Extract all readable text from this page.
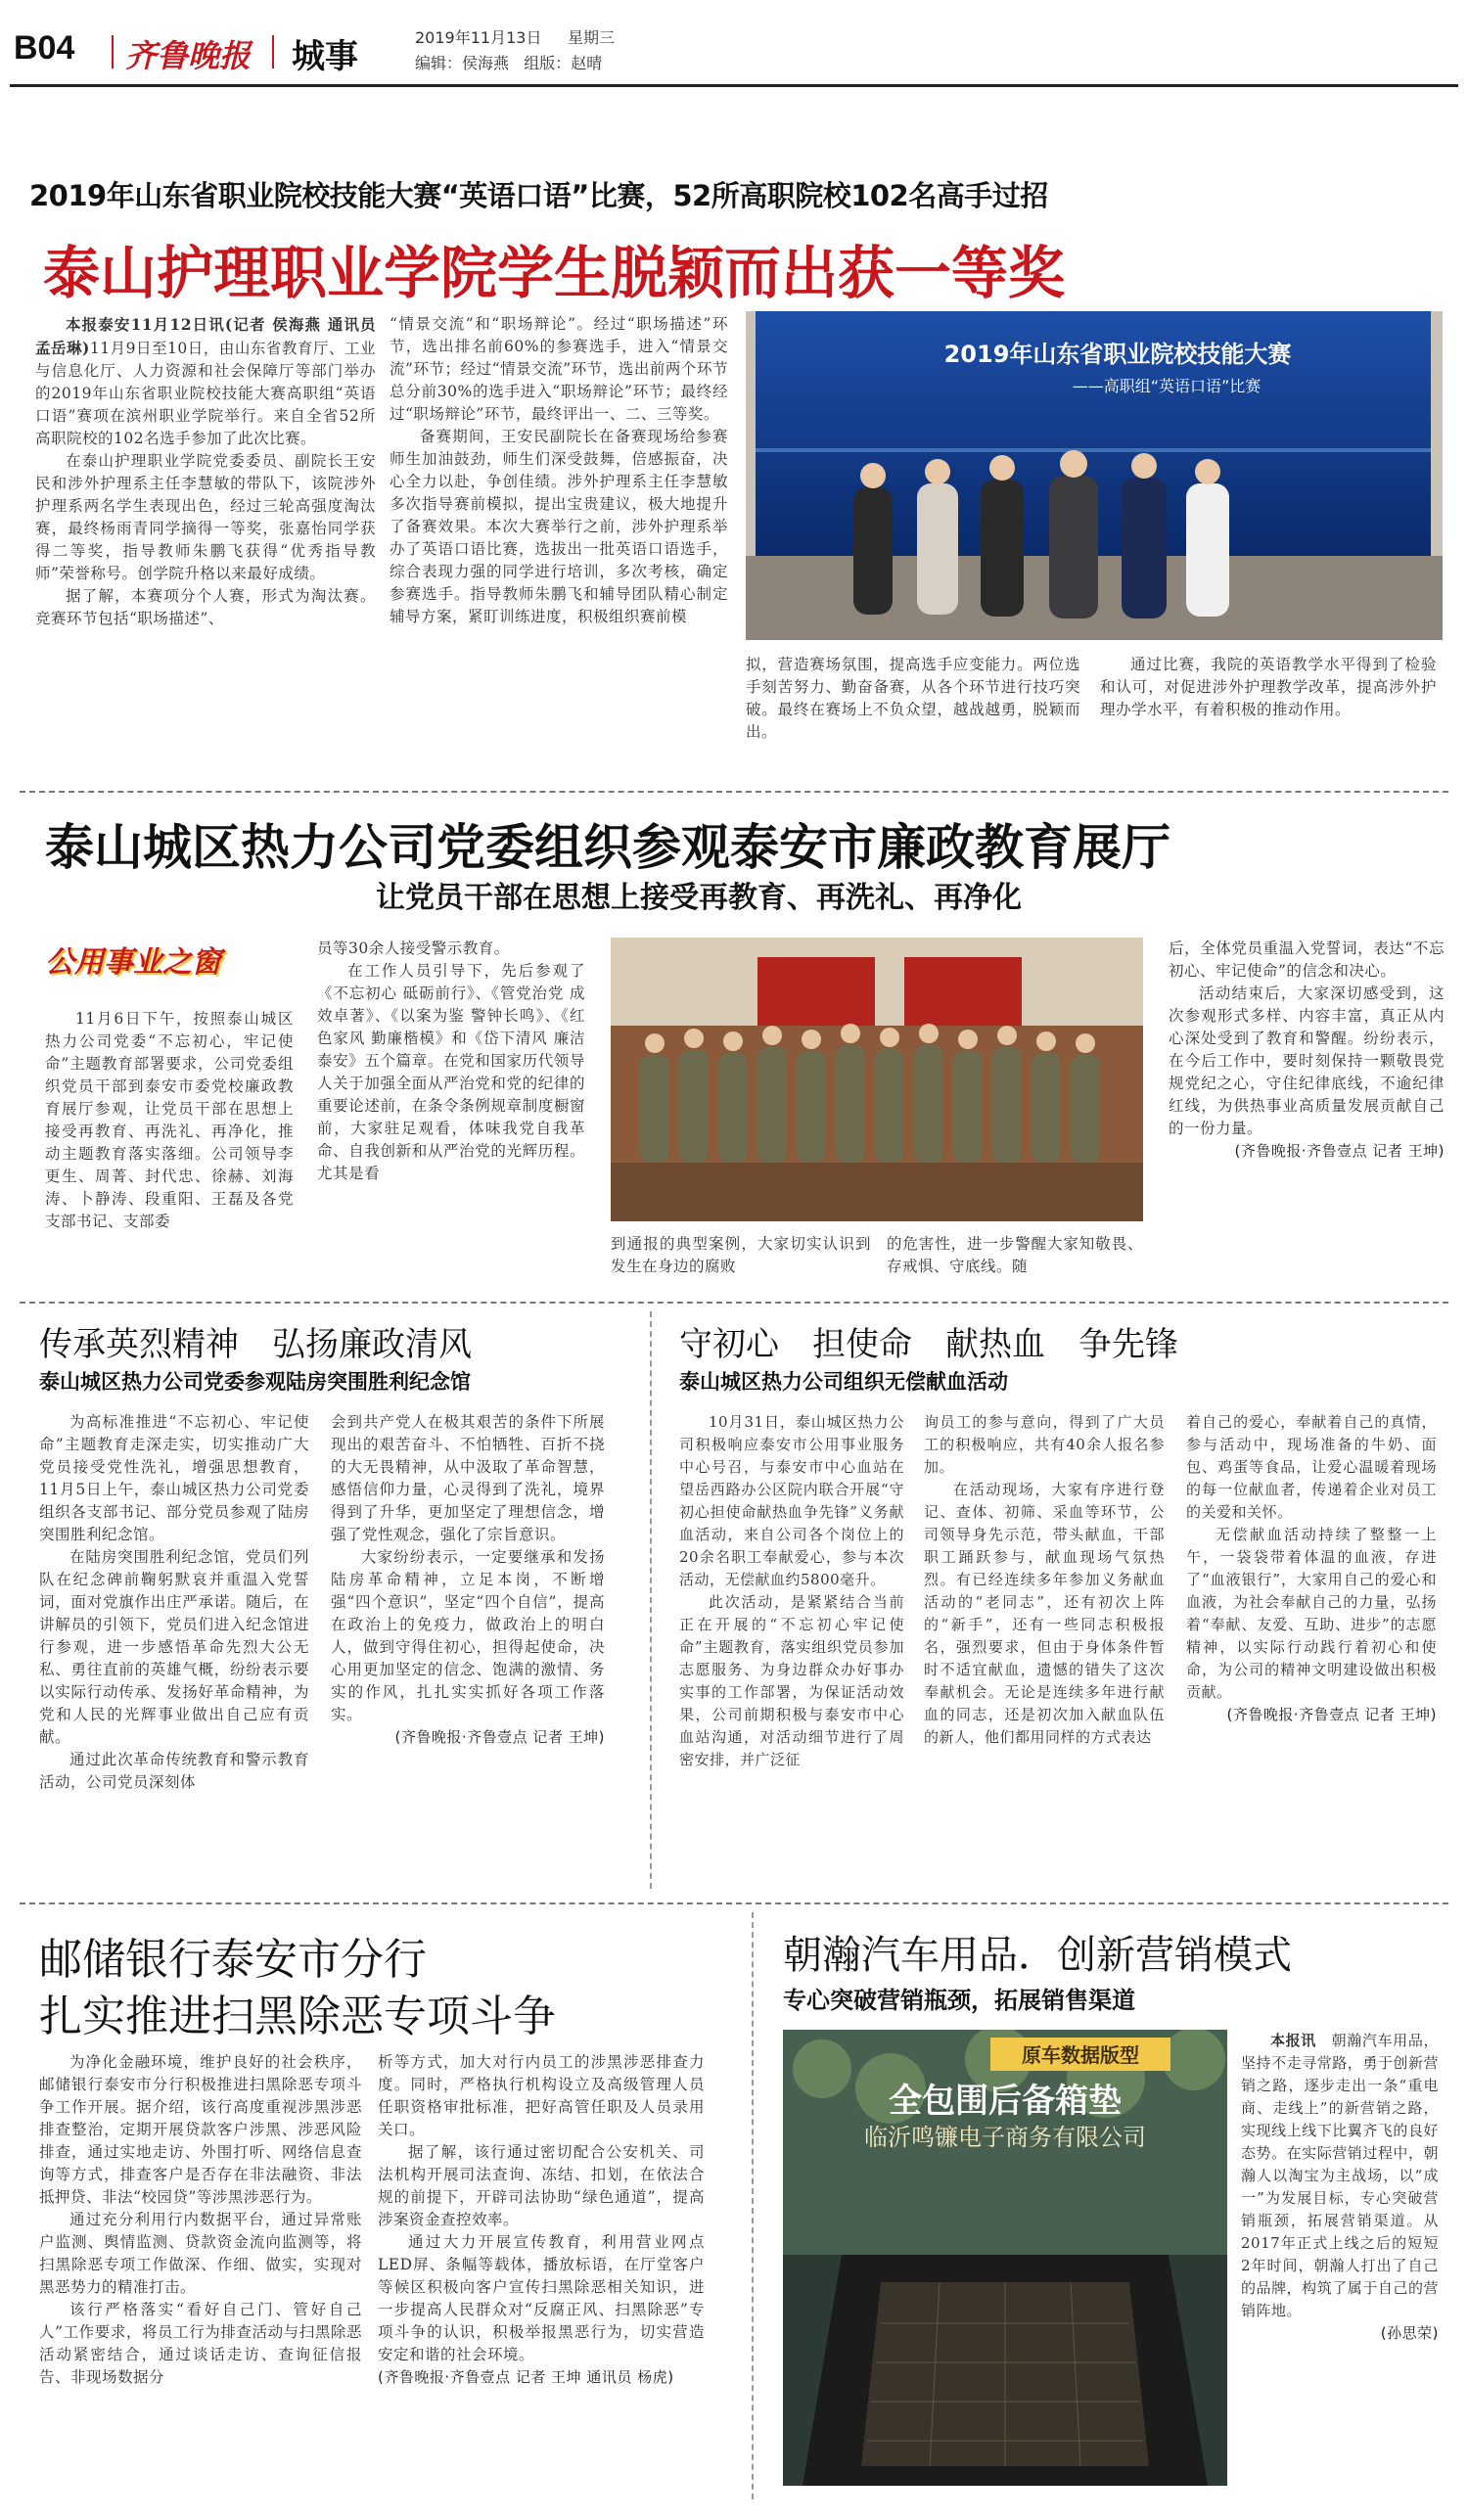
B04 齐鲁晚报 城事	2019年11月13日 星期三
编辑：侯海燕   组版：赵晴
2019年山东省职业院校技能大赛“英语口语”比赛，52所高职院校102名高手过招
泰山护理职业学院学生脱颖而出获一等奖

本报泰安11月12日讯(记者 侯海燕 通讯员 孟岳琳)11月9日至10日，由山东省教育厅、工业与信息化厅、人力资源和社会保障厅等部门举办的2019年山东省职业院校技能大赛高职组“英语口语”赛项在滨州职业学院举行。来自全省52所高职院校的102名选手参加了此次比赛。

在泰山护理职业学院党委委员、副院长王安民和涉外护理系主任李慧敏的带队下，该院涉外护理系两名学生表现出色，经过三轮高强度淘汰赛，最终杨雨青同学摘得一等奖，张嘉怡同学获得二等奖，指导教师朱鹏飞获得“优秀指导教师”荣誉称号。创学院升格以来最好成绩。

据了解，本赛项分个人赛，形式为淘汰赛。竞赛环节包括“职场描述”、

“情景交流”和“职场辩论”。经过“职场描述”环节，选出排名前60%的参赛选手，进入“情景交流”环节；经过“情景交流”环节，选出前两个环节总分前30%的选手进入“职场辩论”环节；最终经过“职场辩论”环节，最终评出一、二、三等奖。

备赛期间，王安民副院长在备赛现场给参赛师生加油鼓劲，师生们深受鼓舞，倍感振奋，决心全力以赴，争创佳绩。涉外护理系主任李慧敏多次指导赛前模拟，提出宝贵建议，极大地提升了备赛效果。本次大赛举行之前，涉外护理系举办了英语口语比赛，选拔出一批英语口语选手，综合表现力强的同学进行培训，多次考核，确定参赛选手。指导教师朱鹏飞和辅导团队精心制定辅导方案，紧盯训练进度，积极组织赛前模

2019年山东省职业院校技能大赛
——高职组“英语口语”比赛

拟，营造赛场氛围，提高选手应变能力。两位选手刻苦努力、勤奋备赛，从各个环节进行技巧突破。最终在赛场上不负众望，越战越勇，脱颖而出。

通过比赛，我院的英语教学水平得到了检验和认可，对促进涉外护理教学改革，提高涉外护理办学水平，有着积极的推动作用。

泰山城区热力公司党委组织参观泰安市廉政教育展厅
让党员干部在思想上接受再教育、再洗礼、再净化
公用事业之窗

11月6日下午，按照泰山城区热力公司党委“不忘初心，牢记使命”主题教育部署要求，公司党委组织党员干部到泰安市委党校廉政教育展厅参观，让党员干部在思想上接受再教育、再洗礼、再净化，推动主题教育落实落细。公司领导李更生、周菁、封代忠、徐赫、刘海涛、卜静涛、段重阳、王磊及各党支部书记、支部委

员等30余人接受警示教育。

在工作人员引导下，先后参观了《不忘初心 砥砺前行》、《管党治党 成效卓著》、《以案为鉴 警钟长鸣》、《红色家风 勤廉楷模》和《岱下清风 廉洁泰安》五个篇章。在党和国家历代领导人关于加强全面从严治党和党的纪律的重要论述前，在条令条例规章制度橱窗前，大家驻足观看，体味我党自我革命、自我创新和从严治党的光辉历程。尤其是看

到通报的典型案例，大家切实认识到发生在身边的腐败

的危害性，进一步警醒大家知敬畏、存戒惧、守底线。随

后，全体党员重温入党誓词，表达“不忘初心、牢记使命”的信念和决心。

活动结束后，大家深切感受到，这次参观形式多样、内容丰富，真正从内心深处受到了教育和警醒。纷纷表示，在今后工作中，要时刻保持一颗敬畏党规党纪之心，守住纪律底线，不逾纪律红线，为供热事业高质量发展贡献自己的一份力量。

(齐鲁晚报·齐鲁壹点 记者 王坤)

传承英烈精神　弘扬廉政清风
泰山城区热力公司党委参观陆房突围胜利纪念馆

为高标准推进“不忘初心、牢记使命”主题教育走深走实，切实推动广大党员接受党性洗礼，增强思想教育，11月5日上午，泰山城区热力公司党委组织各支部书记、部分党员参观了陆房突围胜利纪念馆。

在陆房突围胜利纪念馆，党员们列队在纪念碑前鞠躬默哀并重温入党誓词，面对党旗作出庄严承诺。随后，在讲解员的引领下，党员们进入纪念馆进行参观，进一步感悟革命先烈大公无私、勇往直前的英雄气概，纷纷表示要以实际行动传承、发扬好革命精神，为党和人民的光辉事业做出自己应有贡献。

通过此次革命传统教育和警示教育活动，公司党员深刻体

会到共产党人在极其艰苦的条件下所展现出的艰苦奋斗、不怕牺牲、百折不挠的大无畏精神，从中汲取了革命智慧，感悟信仰力量，心灵得到了洗礼，境界得到了升华，更加坚定了理想信念，增强了党性观念，强化了宗旨意识。

大家纷纷表示，一定要继承和发扬陆房革命精神，立足本岗，不断增强“四个意识”，坚定“四个自信”，提高在政治上的免疫力，做政治上的明白人，做到守得住初心，担得起使命，决心用更加坚定的信念、饱满的激情、务实的作风，扎扎实实抓好各项工作落实。

(齐鲁晚报·齐鲁壹点 记者 王坤)

守初心　担使命　献热血　争先锋
泰山城区热力公司组织无偿献血活动

10月31日，泰山城区热力公司积极响应泰安市公用事业服务中心号召，与泰安市中心血站在望岳西路办公区院内联合开展“守初心担使命献热血争先锋”义务献血活动，来自公司各个岗位上的20余名职工奉献爱心，参与本次活动，无偿献血约5800毫升。

此次活动，是紧紧结合当前正在开展的“不忘初心牢记使命”主题教育，落实组织党员参加志愿服务、为身边群众办好事办实事的工作部署，为保证活动效果，公司前期积极与泰安市中心血站沟通，对活动细节进行了周密安排，并广泛征

询员工的参与意向，得到了广大员工的积极响应，共有40余人报名参加。

在活动现场，大家有序进行登记、查体、初筛、采血等环节，公司领导身先示范，带头献血，干部职工踊跃参与，献血现场气氛热烈。有已经连续多年参加义务献血活动的“老同志”，还有初次上阵的“新手”，还有一些同志积极报名，强烈要求，但由于身体条件暂时不适宜献血，遗憾的错失了这次奉献机会。无论是连续多年进行献血的同志，还是初次加入献血队伍的新人，他们都用同样的方式表达

着自己的爱心，奉献着自己的真情，参与活动中，现场准备的牛奶、面包、鸡蛋等食品，让爱心温暖着现场的每一位献血者，传递着企业对员工的关爱和关怀。

无偿献血活动持续了整整一上午，一袋袋带着体温的血液，存进了“血液银行”，大家用自己的爱心和血液，为社会奉献自己的力量，弘扬着“奉献、友爱、互助、进步”的志愿精神，以实际行动践行着初心和使命，为公司的精神文明建设做出积极贡献。

(齐鲁晚报·齐鲁壹点 记者 王坤)

邮储银行泰安市分行
扎实推进扫黑除恶专项斗争

为净化金融环境，维护良好的社会秩序，邮储银行泰安市分行积极推进扫黑除恶专项斗争工作开展。据介绍，该行高度重视涉黑涉恶排查整治，定期开展贷款客户涉黑、涉恶风险排查，通过实地走访、外围打听、网络信息查询等方式，排查客户是否存在非法融资、非法抵押贷、非法“校园贷”等涉黑涉恶行为。

通过充分利用行内数据平台，通过异常账户监测、舆情监测、贷款资金流向监测等，将扫黑除恶专项工作做深、作细、做实，实现对黑恶势力的精准打击。

该行严格落实“看好自己门、管好自己人”工作要求，将员工行为排查活动与扫黑除恶活动紧密结合，通过谈话走访、查询征信报告、非现场数据分

析等方式，加大对行内员工的涉黑涉恶排查力度。同时，严格执行机构设立及高级管理人员任职资格审批标准，把好高管任职及人员录用关口。

据了解，该行通过密切配合公安机关、司法机构开展司法查询、冻结、扣划，在依法合规的前提下，开辟司法协助“绿色通道”，提高涉案资金查控效率。

通过大力开展宣传教育，利用营业网点LED屏、条幅等载体，播放标语，在厅堂客户等候区积极向客户宣传扫黑除恶相关知识，进一步提高人民群众对“反腐正风、扫黑除恶”专项斗争的认识，积极举报黑恶行为，切实营造安定和谐的社会环境。

(齐鲁晚报·齐鲁壹点 记者 王坤 通讯员 杨虎)

朝瀚汽车用品．创新营销模式
专心突破营销瓶颈，拓展销售渠道
原车数据版型
全包围后备箱垫
临沂鸣镰电子商务有限公司

本报讯　 朝瀚汽车用品，坚持不走寻常路，勇于创新营销之路，逐步走出一条“重电商、走线上”的新营销之路，实现线上线下比翼齐飞的良好态势。在实际营销过程中，朝瀚人以淘宝为主战场，以“成一”为发展目标，专心突破营销瓶颈，拓展营销渠道。从2017年正式上线之后的短短2年时间，朝瀚人打出了自己的品牌，构筑了属于自己的营销阵地。

(孙思荣)
